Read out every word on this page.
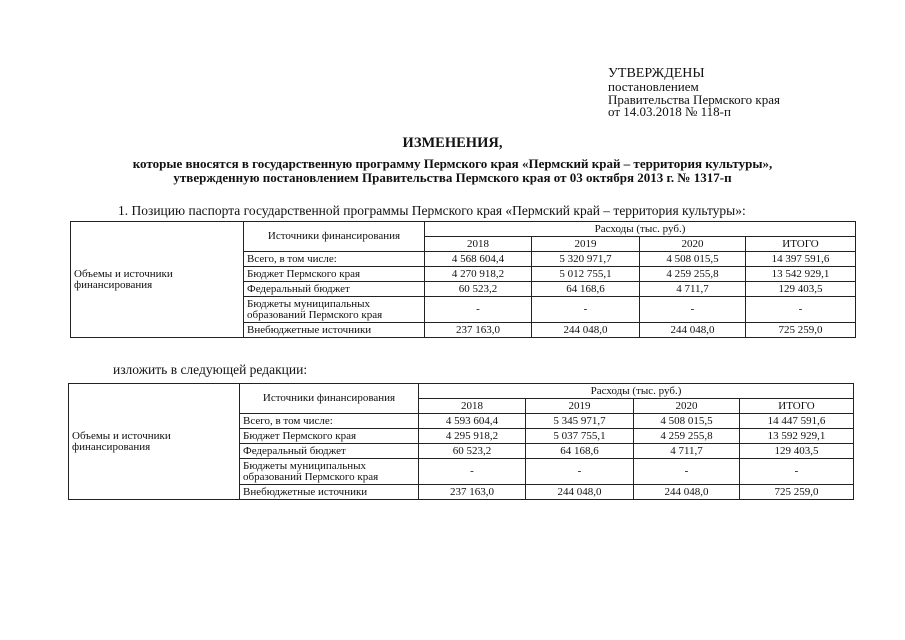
УТВЕРЖДЕНЫ
постановлением
Правительства Пермского края
от 14.03.2018 № 118-п
ИЗМЕНЕНИЯ,
которые вносятся в государственную программу Пермского края «Пермский край – территория культуры»,
утвержденную постановлением Правительства Пермского края от 03 октября 2013 г. № 1317-п
1. Позицию паспорта государственной программы Пермского края «Пермский край – территория культуры»:
Объемы и источники финансирования	Источники финансирования	Расходы (тыс. руб.)			
		2018	2019	2020	ИТОГО
	Всего, в том числе:	4 568 604,4	5 320 971,7	4 508 015,5	14 397 591,6
	Бюджет Пермского края	4 270 918,2	5 012 755,1	4 259 255,8	13 542 929,1
	Федеральный бюджет	60 523,2	64 168,6	4 711,7	129 403,5
	Бюджеты муниципальных образований Пермского края	-	-	-	-
	Внебюджетные источники	237 163,0	244 048,0	244 048,0	725 259,0
изложить в следующей редакции:
Объемы и источники финансирования	Источники финансирования	Расходы (тыс. руб.)			
		2018	2019	2020	ИТОГО
	Всего, в том числе:	4 593 604,4	5 345 971,7	4 508 015,5	14 447 591,6
	Бюджет Пермского края	4 295 918,2	5 037 755,1	4 259 255,8	13 592 929,1
	Федеральный бюджет	60 523,2	64 168,6	4 711,7	129 403,5
	Бюджеты муниципальных образований Пермского края	-	-	-	-
	Внебюджетные источники	237 163,0	244 048,0	244 048,0	725 259,0
